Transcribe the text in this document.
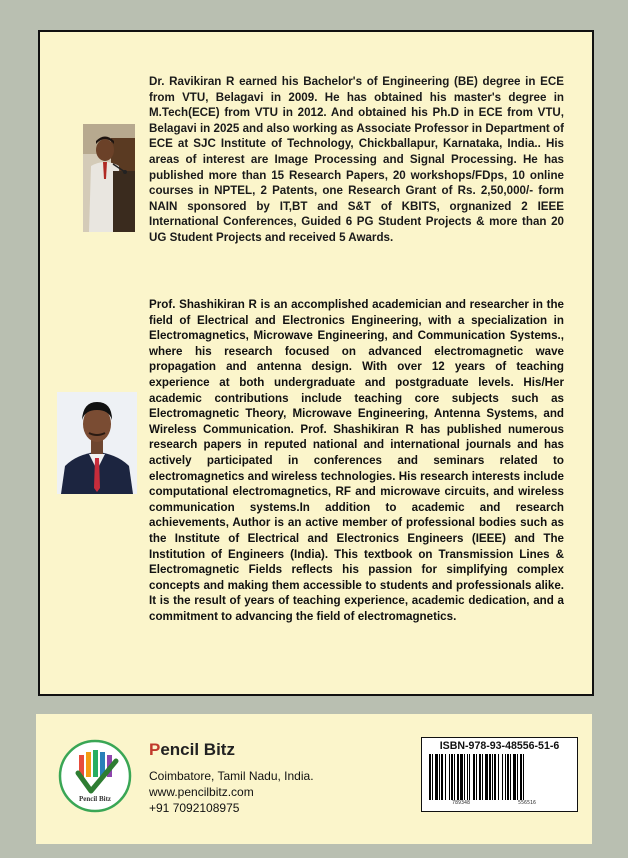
Dr. Ravikiran R earned his Bachelor's of Engineering (BE) degree in ECE from VTU, Belagavi in 2009. He has obtained his master's degree in M.Tech(ECE) from VTU in 2012. And obtained his Ph.D in ECE from VTU, Belagavi in 2025 and also working as Associate Professor in Department of ECE at SJC Institute of Technology, Chickballapur, Karnataka, India.. His areas of interest are Image Processing and Signal Processing. He has published more than 15 Research Papers, 20 workshops/FDps, 10 online courses in NPTEL, 2 Patents, one Research Grant of Rs. 2,50,000/- form NAIN sponsored by IT,BT and S&T of KBITS, orgnanized 2 IEEE International Conferences, Guided 6 PG Student Projects & more than 20 UG Student Projects and received 5 Awards.
Prof. Shashikiran R is an accomplished academician and researcher in the field of Electrical and Electronics Engineering, with a specialization in Electromagnetics, Microwave Engineering, and Communication Systems., where his research focused on advanced electromagnetic wave propagation and antenna design. With over 12 years of teaching experience at both undergraduate and postgraduate levels. His/Her academic contributions include teaching core subjects such as Electromagnetic Theory, Microwave Engineering, Antenna Systems, and Wireless Communication. Prof. Shashikiran R has published numerous research papers in reputed national and international journals and has actively participated in conferences and seminars related to electromagnetics and wireless technologies. His research interests include computational electromagnetics, RF and microwave circuits, and wireless communication systems.In addition to academic and research achievements, Author is an active member of professional bodies such as the Institute of Electrical and Electronics Engineers (IEEE) and The Institution of Engineers (India). This textbook on Transmission Lines & Electromagnetic Fields reflects his passion for simplifying complex concepts and making them accessible to students and professionals alike. It is the result of years of teaching experience, academic dedication, and a commitment to advancing the field of electromagnetics.
Pencil Bitz
Pencil Bitz
Coimbatore, Tamil Nadu, India.
www.pencilbitz.com
+91 7092108975
ISBN-978-93-48556-51-6
789348	556516
